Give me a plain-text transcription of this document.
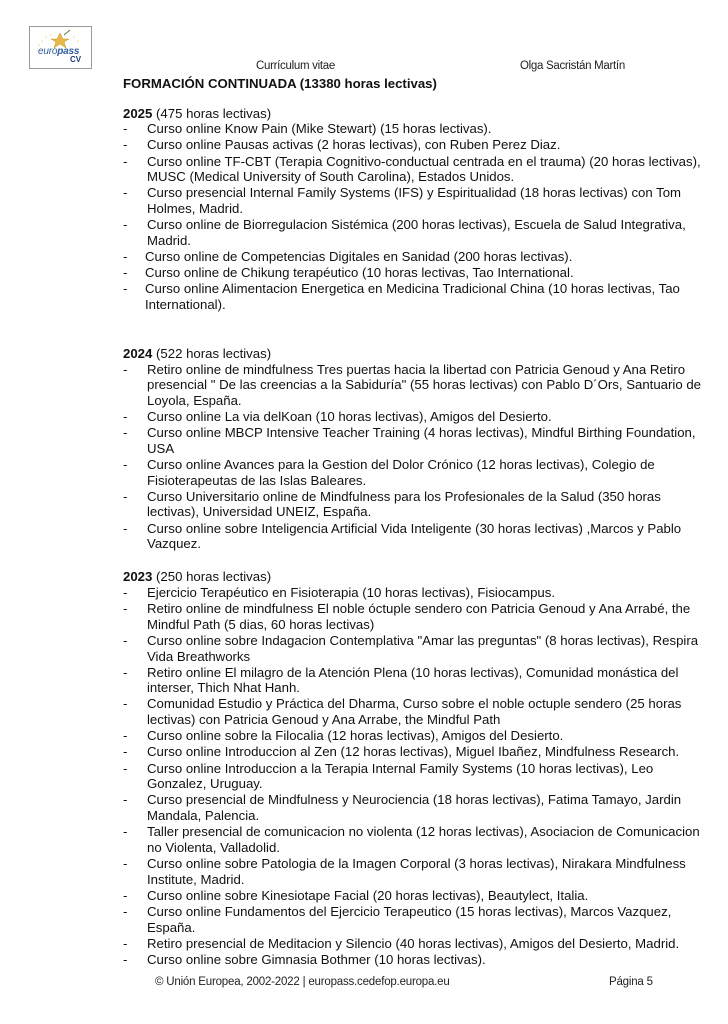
europass
CV
Currículum vitae	Olga Sacristán Martín
FORMACIÓN CONTINUADA (13380 horas lectivas)
2025 (475 horas lectivas)
- Curso online Know Pain (Mike Stewart) (15 horas lectivas).
- Curso online Pausas activas (2 horas lectivas), con Ruben Perez Diaz.
- Curso online TF-CBT (Terapia Cognitivo-conductual centrada en el trauma) (20 horas lectivas), MUSC (Medical University of South Carolina), Estados Unidos.
- Curso presencial Internal Family Systems (IFS) y Espiritualidad (18 horas lectivas) con Tom Holmes, Madrid.
- Curso online de Biorregulacion Sistémica (200 horas lectivas), Escuela de Salud Integrativa, Madrid.
- Curso online de Competencias Digitales en Sanidad (200 horas lectivas).
- Curso online de Chikung terapéutico (10 horas lectivas, Tao International.
- Curso online Alimentacion Energetica en Medicina Tradicional China (10 horas lectivas, Tao International).
2024 (522 horas lectivas)
- Retiro online de mindfulness Tres puertas hacia la libertad con Patricia Genoud y Ana Retiro presencial " De las creencias a la Sabiduría" (55 horas lectivas) con Pablo D´Ors, Santuario de Loyola, España.
- Curso online La via delKoan (10 horas lectivas), Amigos del Desierto.
- Curso online MBCP Intensive Teacher Training (4 horas lectivas), Mindful Birthing Foundation, USA
- Curso online Avances para la Gestion del Dolor Crónico (12 horas lectivas), Colegio de Fisioterapeutas de las Islas Baleares.
- Curso Universitario online de Mindfulness para los Profesionales de la Salud (350 horas lectivas), Universidad UNEIZ, España.
- Curso online sobre Inteligencia Artificial Vida Inteligente (30 horas lectivas) ,Marcos y Pablo Vazquez.
2023 (250 horas lectivas)
- Ejercicio Terapéutico en Fisioterapia (10 horas lectivas), Fisiocampus.
- Retiro online de mindfulness El noble óctuple sendero con Patricia Genoud y Ana Arrabé, the Mindful Path (5 dias, 60 horas lectivas)
- Curso online sobre Indagacion Contemplativa "Amar las preguntas" (8 horas lectivas), Respira Vida Breathworks
- Retiro online El milagro de la Atención Plena (10 horas lectivas), Comunidad monástica del interser, Thich Nhat Hanh.
- Comunidad Estudio y Práctica del Dharma, Curso sobre el noble octuple sendero (25 horas lectivas) con Patricia Genoud y Ana Arrabe, the Mindful Path
- Curso online sobre la Filocalia (12 horas lectivas), Amigos del Desierto.
- Curso online Introduccion al Zen (12 horas lectivas), Miguel Ibañez, Mindfulness Research.
- Curso online Introduccion a la Terapia Internal Family Systems (10 horas lectivas), Leo Gonzalez, Uruguay.
- Curso presencial de Mindfulness y Neurociencia (18 horas lectivas), Fatima Tamayo, Jardin Mandala, Palencia.
- Taller presencial de comunicacion no violenta (12 horas lectivas), Asociacion de Comunicacion no Violenta, Valladolid.
- Curso online sobre Patologia de la Imagen Corporal (3 horas lectivas), Nirakara Mindfulness Institute, Madrid.
- Curso online sobre Kinesiotape Facial (20 horas lectivas), Beautylect, Italia.
- Curso online Fundamentos del Ejercicio Terapeutico (15 horas lectivas), Marcos Vazquez, España.
- Retiro presencial de Meditacion y Silencio (40 horas lectivas), Amigos del Desierto, Madrid.
- Curso online sobre Gimnasia Bothmer (10 horas lectivas).
© Unión Europea, 2002-2022 | europass.cedefop.europa.eu	Página 5
